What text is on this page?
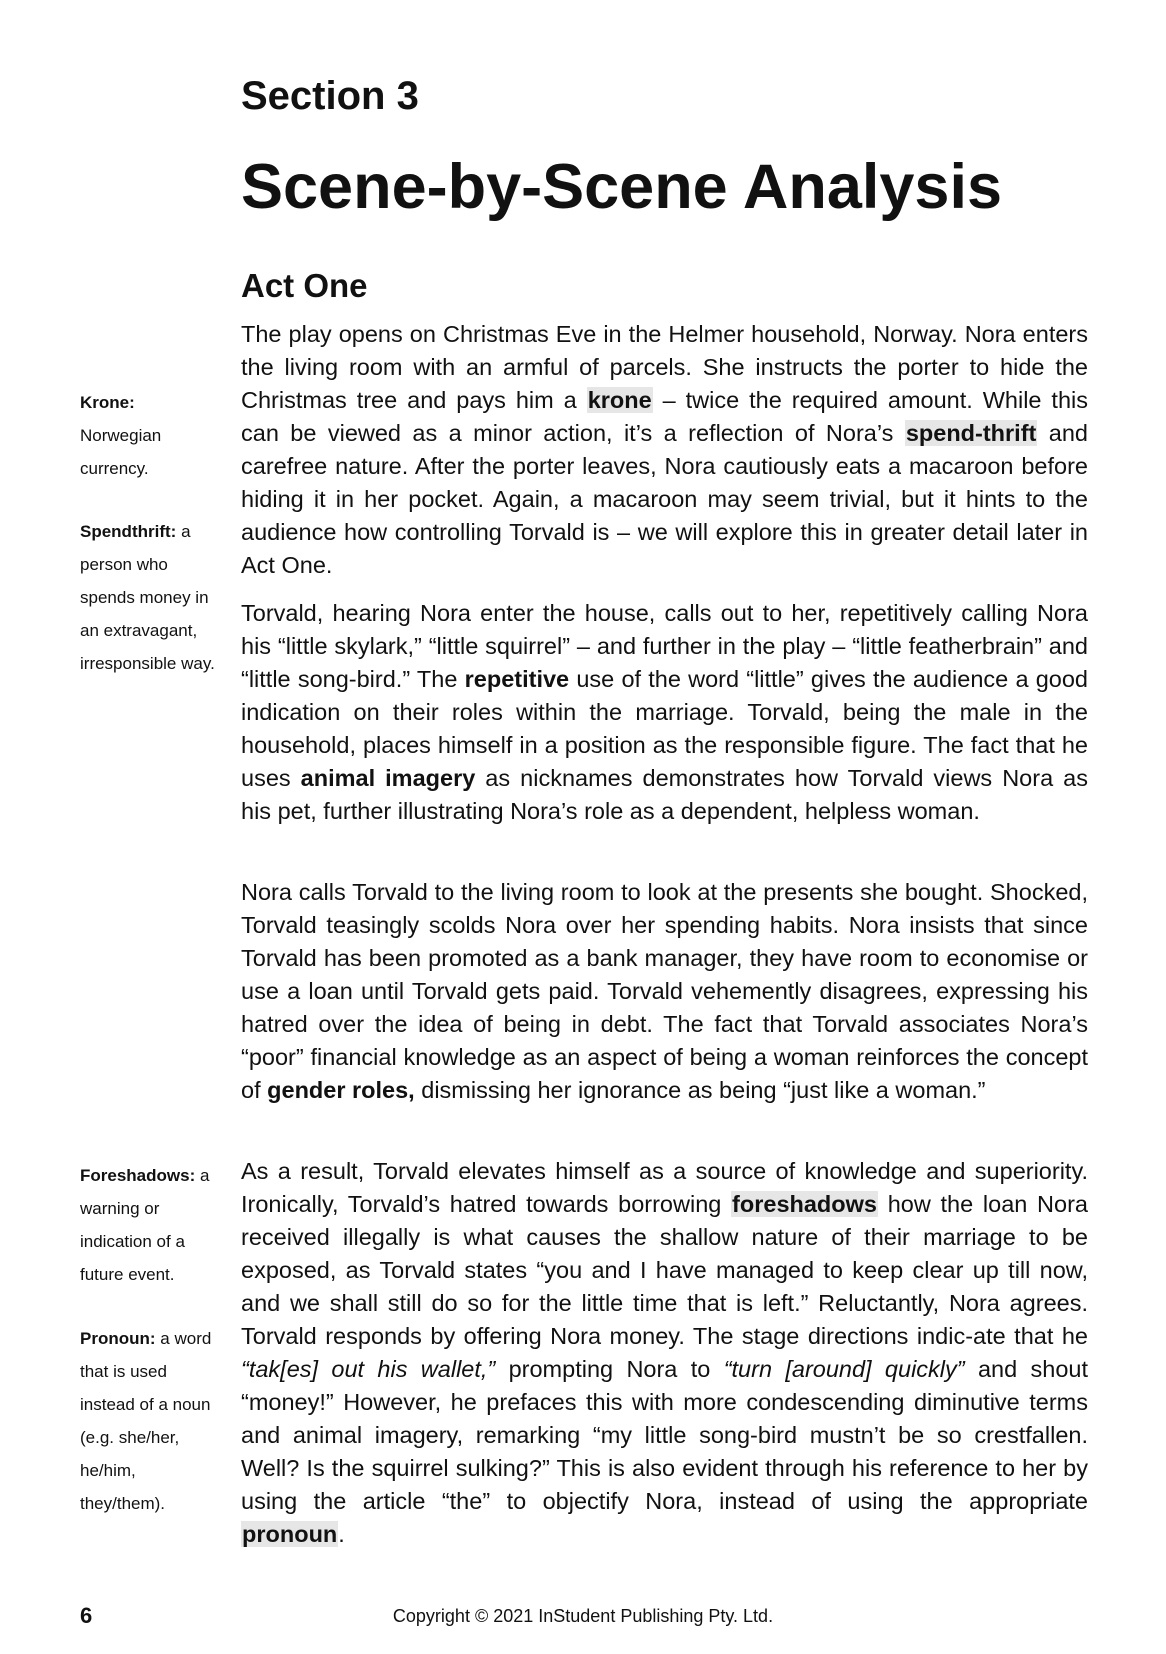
Section 3
Scene-by-Scene Analysis
Act One
Krone:
Norwegian currency.
Spendthrift: a person who spends money in an extravagant, irresponsible way.
Foreshadows: a warning or indication of a future event.
Pronoun: a word that is used instead of a noun (e.g. she/her, he/him, they/them).

The play opens on Christmas Eve in the Helmer household, Norway. Nora enters the living room with an armful of parcels. She instructs the porter to hide the Christmas tree and pays him a krone – twice the required amount. While this can be viewed as a minor action, it’s a reflection of Nora’s spend-thrift and carefree nature. After the porter leaves, Nora cautiously eats a macaroon before hiding it in her pocket. Again, a macaroon may seem trivial, but it hints to the audience how controlling Torvald is – we will explore this in greater detail later in Act One.

Torvald, hearing Nora enter the house, calls out to her, repetitively calling Nora his “little skylark,” “little squirrel” – and further in the play – “little featherbrain” and “little song-bird.” The repetitive use of the word “little” gives the audience a good indication on their roles within the marriage. Torvald, being the male in the household, places himself in a position as the responsible figure. The fact that he uses animal imagery as nicknames demonstrates how Torvald views Nora as his pet, further illustrating Nora’s role as a dependent, helpless woman.

Nora calls Torvald to the living room to look at the presents she bought. Shocked, Torvald teasingly scolds Nora over her spending habits. Nora insists that since Torvald has been promoted as a bank manager, they have room to economise or use a loan until Torvald gets paid. Torvald vehemently disagrees, expressing his hatred over the idea of being in debt. The fact that Torvald associates Nora’s “poor” financial knowledge as an aspect of being a woman reinforces the concept of gender roles, dismissing her ignorance as being “just like a woman.”

As a result, Torvald elevates himself as a source of knowledge and superiority. Ironically, Torvald’s hatred towards borrowing foreshadows how the loan Nora received illegally is what causes the shallow nature of their marriage to be exposed, as Torvald states “you and I have managed to keep clear up till now, and we shall still do so for the little time that is left.” Reluctantly, Nora agrees. Torvald responds by offering Nora money. The stage directions indic-ate that he “tak[es] out his wallet,” prompting Nora to “turn [around] quickly” and shout “money!” However, he prefaces this with more condescending diminutive terms and animal imagery, remarking “my little song-bird mustn’t be so crestfallen. Well? Is the squirrel sulking?” This is also evident through his reference to her by using the article “the” to objectify Nora, instead of using the appropriate pronoun.

6	Copyright © 2021 InStudent Publishing Pty. Ltd.
